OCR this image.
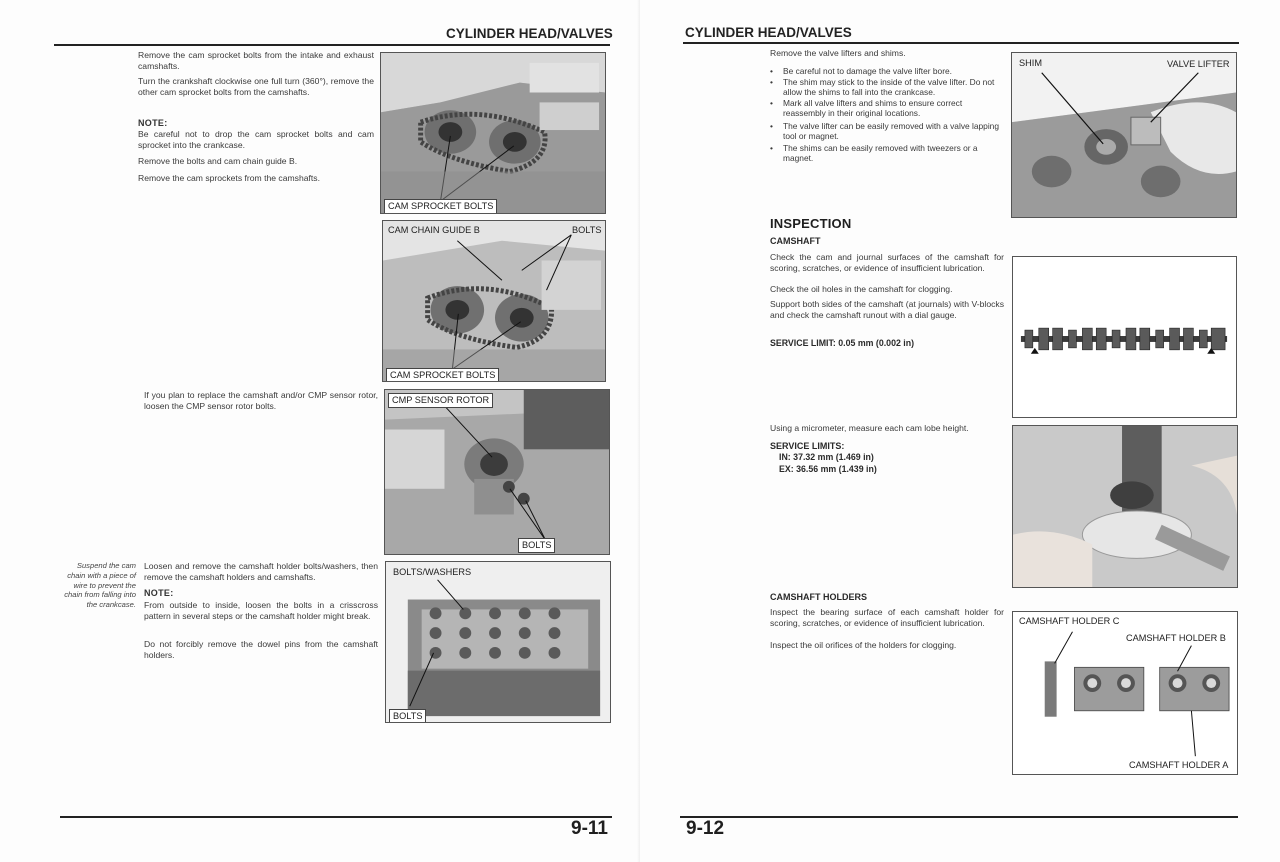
CYLINDER HEAD/VALVES
Remove the cam sprocket bolts from the intake and exhaust camshafts.
Turn the crankshaft clockwise one full turn (360°), remove the other cam sprocket bolts from the camshafts.
NOTE:
Be careful not to drop the cam sprocket bolts and cam sprocket into the crankcase.
Remove the bolts and cam chain guide B.
Remove the cam sprockets from the camshafts.
CAM SPROCKET BOLTS
CAM CHAIN GUIDE B	BOLTS
CAM SPROCKET BOLTS
If you plan to replace the camshaft and/or CMP sensor rotor, loosen the CMP sensor rotor bolts.
CMP SENSOR ROTOR
BOLTS
Suspend the cam chain with a piece of wire to prevent the chain from falling into the crankcase.
Loosen and remove the camshaft holder bolts/washers, then remove the camshaft holders and camshafts.
NOTE:
From outside to inside, loosen the bolts in a crisscross pattern in several steps or the camshaft holder might break.
Do not forcibly remove the dowel pins from the camshaft holders.
BOLTS/WASHERS
BOLTS
9-11
CYLINDER HEAD/VALVES
Remove the valve lifters and shims.
• Be careful not to damage the valve lifter bore.
• The shim may stick to the inside of the valve lifter. Do not allow the shims to fall into the crankcase.
• Mark all valve lifters and shims to ensure correct reassembly in their original locations.
• The valve lifter can be easily removed with a valve lapping tool or magnet.
• The shims can be easily removed with tweezers or a magnet.
SHIM	VALVE LIFTER
INSPECTION
CAMSHAFT
Check the cam and journal surfaces of the camshaft for scoring, scratches, or evidence of insufficient lubrication.
Check the oil holes in the camshaft for clogging.
Support both sides of the camshaft (at journals) with V-blocks and check the camshaft runout with a dial gauge.
SERVICE LIMIT: 0.05 mm (0.002 in)
Using a micrometer, measure each cam lobe height.
SERVICE LIMITS:
IN: 37.32 mm (1.469 in)
EX: 36.56 mm (1.439 in)
CAMSHAFT HOLDERS
Inspect the bearing surface of each camshaft holder for scoring, scratches, or evidence of insufficient lubrication.
Inspect the oil orifices of the holders for clogging.
CAMSHAFT HOLDER C
CAMSHAFT HOLDER B
CAMSHAFT HOLDER A
9-12
